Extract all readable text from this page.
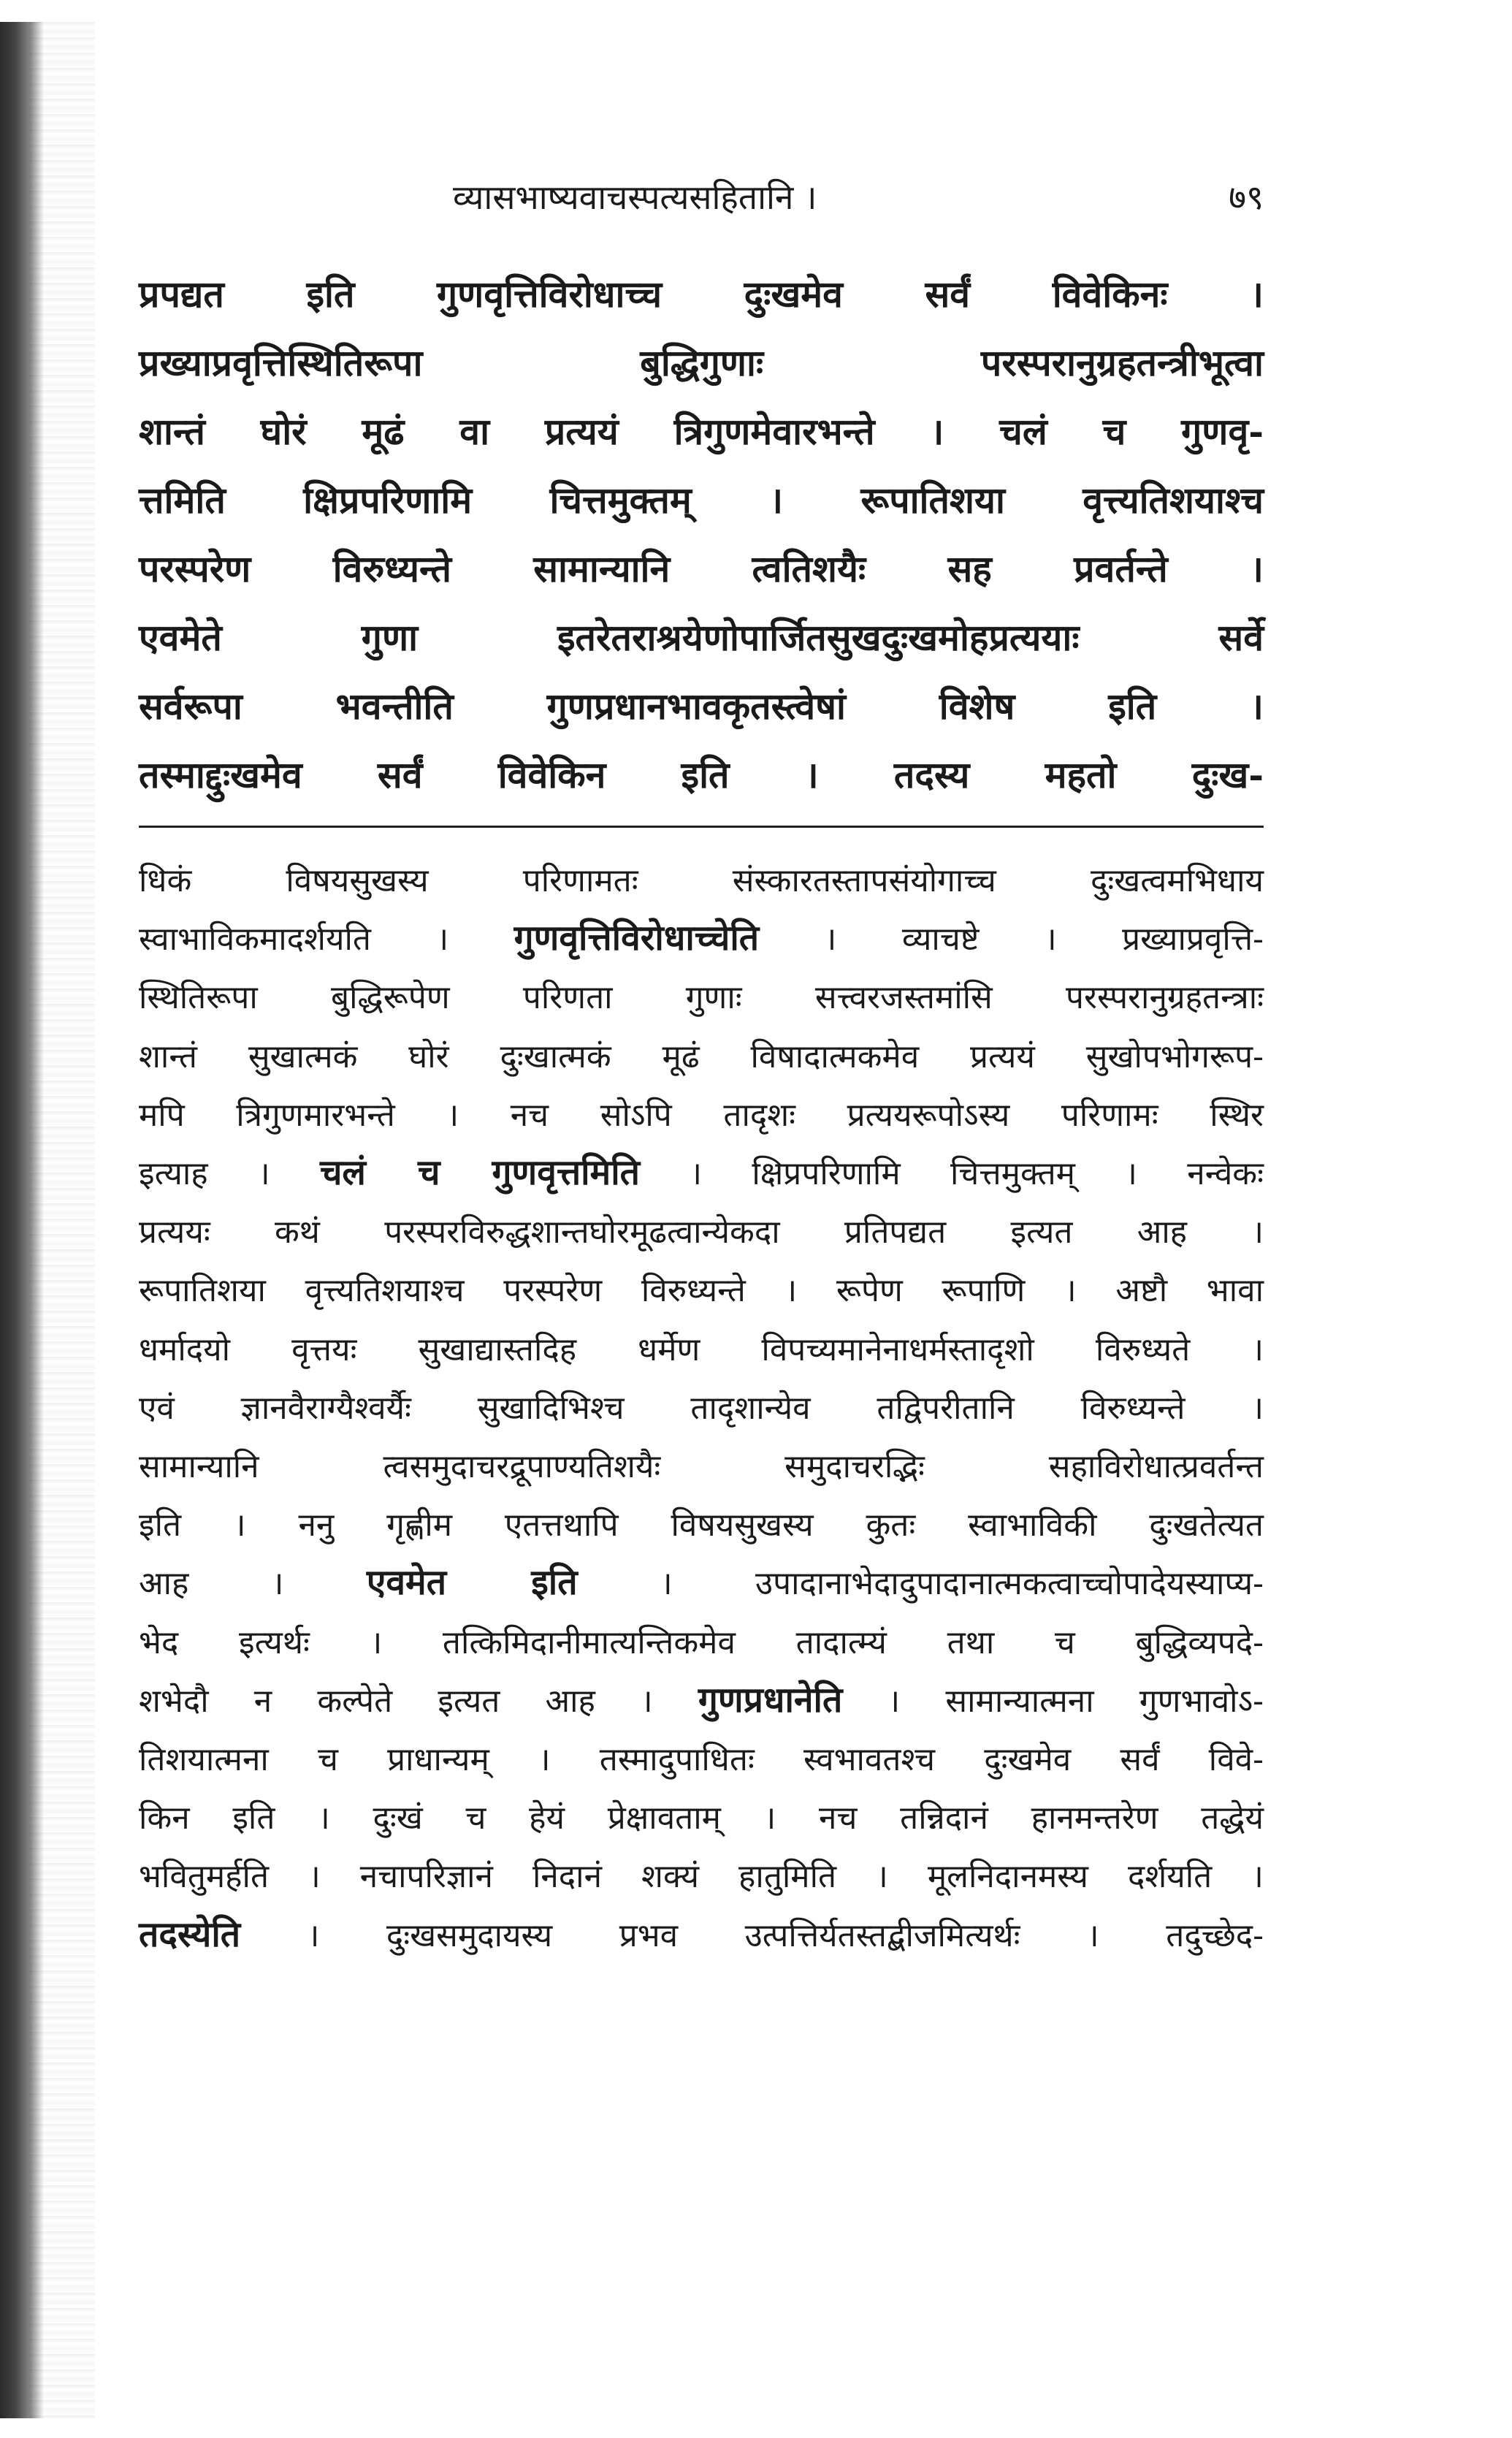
व्यासभाष्यवाचस्पत्यसहितानि ।	७९
प्रपद्यत इति गुणवृत्तिविरोधाच्च दुःखमेव सर्वं विवेकिनः ।
प्रख्याप्रवृत्तिस्थितिरूपा बुद्धिगुणाः परस्परानुग्रहतन्त्रीभूत्वा
शान्तं घोरं मूढं वा प्रत्ययं त्रिगुणमेवारभन्ते । चलं च गुणवृ-
त्तमिति क्षिप्रपरिणामि चित्तमुक्तम् । रूपातिशया वृत्त्यतिशयाश्च
परस्परेण विरुध्यन्ते सामान्यानि त्वतिशयैः सह प्रवर्तन्ते ।
एवमेते गुणा इतरेतराश्रयेणोपार्जितसुखदुःखमोहप्रत्ययाः सर्वे
सर्वरूपा भवन्तीति गुणप्रधानभावकृतस्त्वेषां विशेष इति ।
तस्माद्दुःखमेव सर्वं विवेकिन इति । तदस्य महतो दुःख-
धिकं विषयसुखस्य परिणामतः संस्कारतस्तापसंयोगाच्च दुःखत्वमभिधाय
स्वाभाविकमादर्शयति । गुणवृत्तिविरोधाच्चेति । व्याचष्टे । प्रख्याप्रवृत्ति-
स्थितिरूपा बुद्धिरूपेण परिणता गुणाः सत्त्वरजस्तमांसि परस्परानुग्रहतन्त्राः
शान्तं सुखात्मकं घोरं दुःखात्मकं मूढं विषादात्मकमेव प्रत्ययं सुखोपभोगरूप-
मपि त्रिगुणमारभन्ते । नच सोऽपि तादृशः प्रत्ययरूपोऽस्य परिणामः स्थिर
इत्याह । चलं च गुणवृत्तमिति । क्षिप्रपरिणामि चित्तमुक्तम् । नन्वेकः
प्रत्ययः कथं परस्परविरुद्धशान्तघोरमूढत्वान्येकदा प्रतिपद्यत इत्यत आह ।
रूपातिशया वृत्त्यतिशयाश्च परस्परेण विरुध्यन्ते । रूपेण रूपाणि । अष्टौ भावा
धर्मादयो वृत्तयः सुखाद्यास्तदिह धर्मेण विपच्यमानेनाधर्मस्तादृशो विरुध्यते ।
एवं ज्ञानवैराग्यैश्वर्यैः सुखादिभिश्च तादृशान्येव तद्विपरीतानि विरुध्यन्ते ।
सामान्यानि त्वसमुदाचरद्रूपाण्यतिशयैः समुदाचरद्भिः सहाविरोधात्प्रवर्तन्त
इति । ननु गृह्णीम एतत्तथापि विषयसुखस्य कुतः स्वाभाविकी दुःखतेत्यत
आह । एवमेत इति । उपादानाभेदादुपादानात्मकत्वाच्चोपादेयस्याप्य-
भेद इत्यर्थः । तत्किमिदानीमात्यन्तिकमेव तादात्म्यं तथा च बुद्धिव्यपदे-
शभेदौ न कल्पेते इत्यत आह । गुणप्रधानेति । सामान्यात्मना गुणभावोऽ-
तिशयात्मना च प्राधान्यम् । तस्मादुपाधितः स्वभावतश्च दुःखमेव सर्वं विवे-
किन इति । दुःखं च हेयं प्रेक्षावताम् । नच तन्निदानं हानमन्तरेण तद्धेयं
भवितुमर्हति । नचापरिज्ञानं निदानं शक्यं हातुमिति । मूलनिदानमस्य दर्शयति ।
तदस्येति । दुःखसमुदायस्य प्रभव उत्पत्तिर्यतस्तद्बीजमित्यर्थः । तदुच्छेद-
